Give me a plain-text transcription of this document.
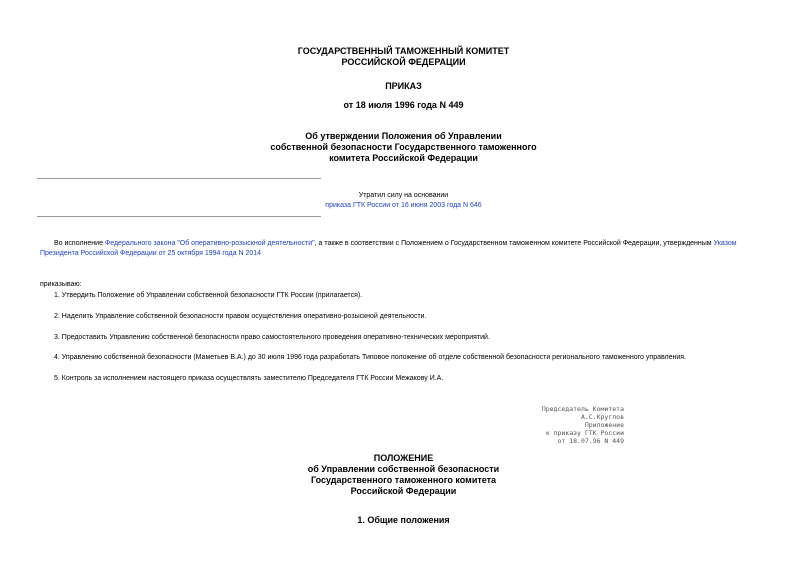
ГОСУДАРСТВЕННЫЙ ТАМОЖЕННЫЙ КОМИТЕТ
РОССИЙСКОЙ ФЕДЕРАЦИИ
ПРИКАЗ
от 18 июля 1996 года N 449
Об утверждении Положения об Управлении
собственной безопасности Государственного таможенного
комитета Российской Федерации
Утратил силу на основании
приказа ГТК России от 16 июня 2003 года N 646
Во исполнение Федерального закона "Об оперативно-розыскной деятельности", а также в соответствии с Положением о Государственном таможенном комитете Российской Федерации, утвержденным Указом Президента Российской Федерации от 25 октября 1994 года N 2014
приказываю:
1. Утвердить Положение об Управлении собственной безопасности ГТК России (прилагается).
2. Наделить Управление собственной безопасности правом осуществления оперативно-розыскной деятельности.
3. Предоставить Управлению собственной безопасности право самостоятельного проведения оперативно-технических мероприятий.
4. Управлению собственной безопасности (Маметьев В.А.) до 30 июля 1996 года разработать Типовое положение об отделе собственной безопасности регионального таможенного управления.
5. Контроль за исполнением настоящего приказа осуществлять заместителю Председателя ГТК России Межакову И.А.
Председатель Комитета
А.С.Круглов
Приложение
к приказу ГТК России
от 18.07.96 N 449
ПОЛОЖЕНИЕ
об Управлении собственной безопасности
Государственного таможенного комитета
Российской Федерации
1. Общие положения
